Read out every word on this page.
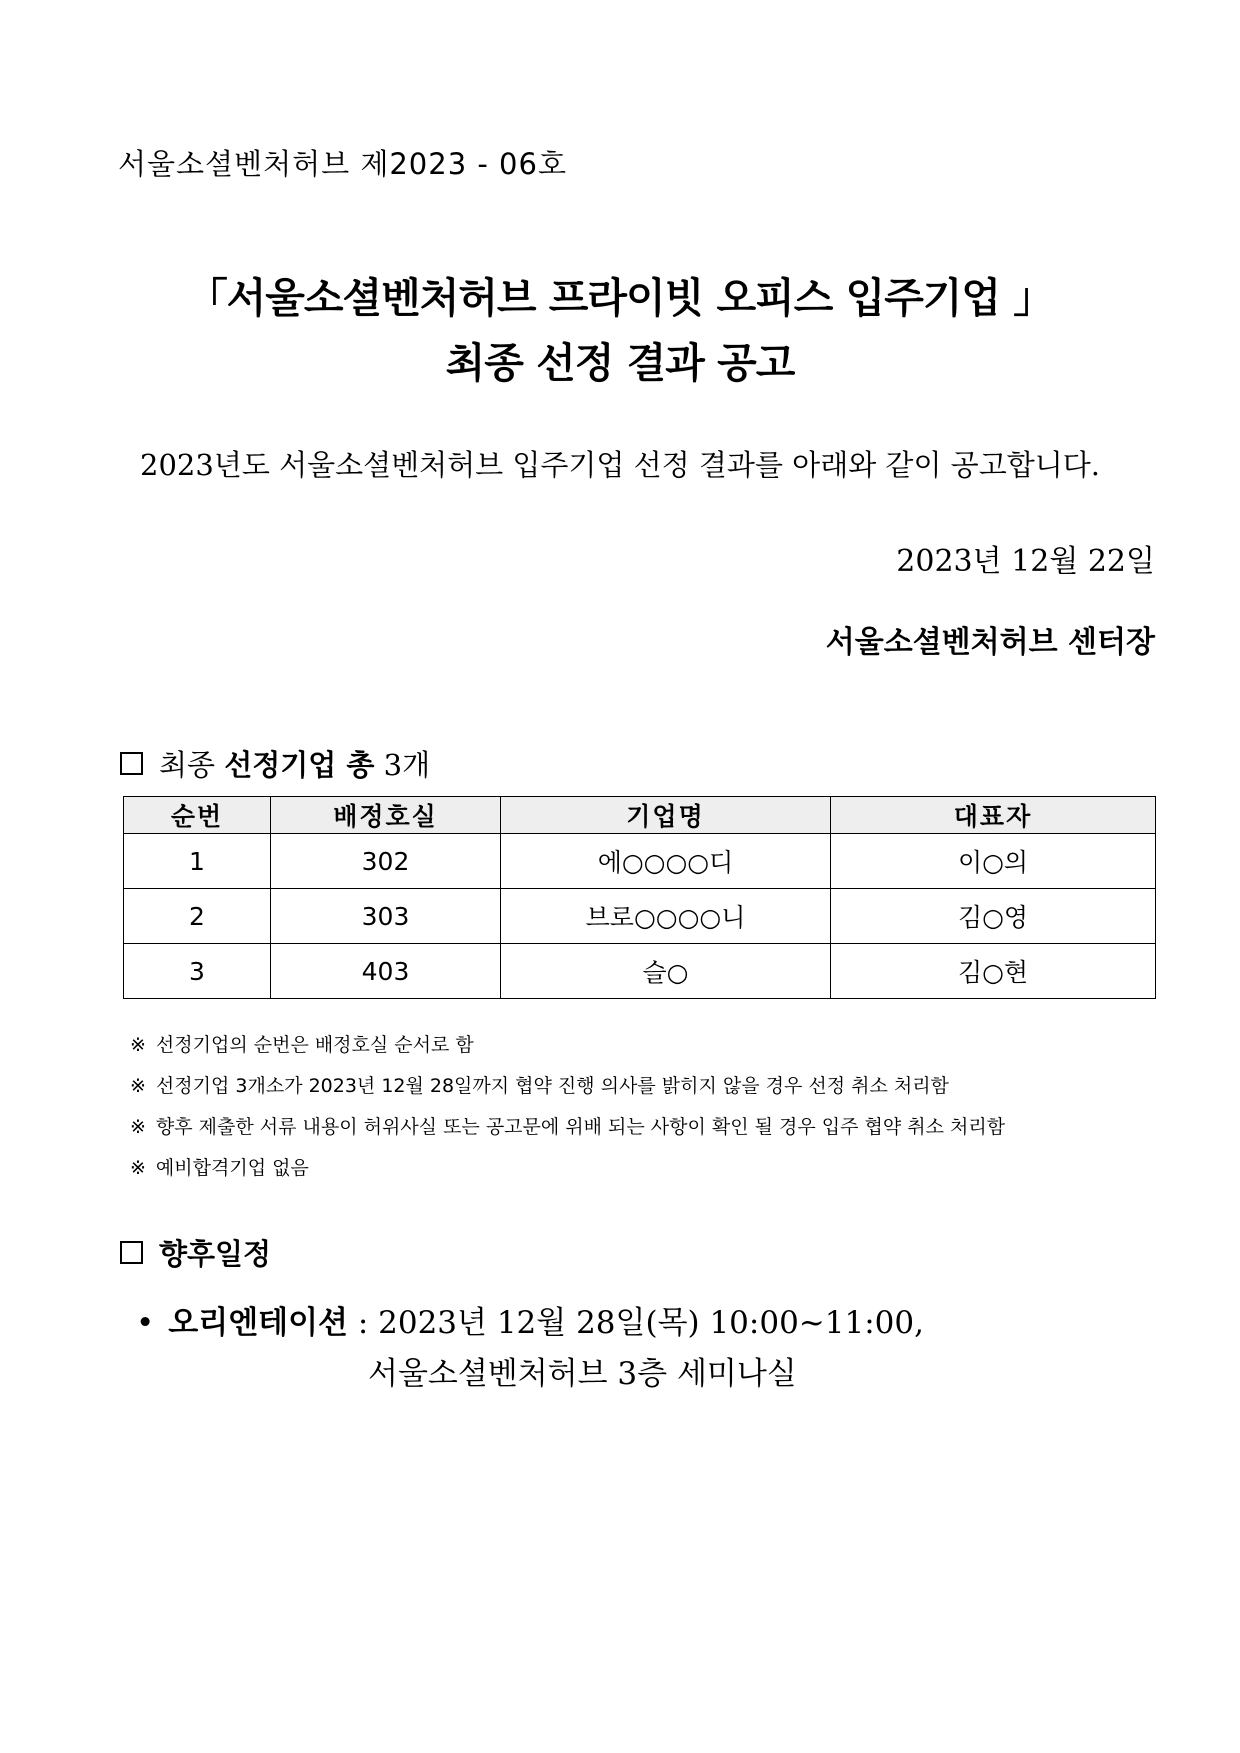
서울소셜벤처허브 제2023 - 06호
「서울소셜벤처허브 프라이빗 오피스 입주기업 」
최종 선정 결과 공고
2023년도 서울소셜벤처허브 입주기업 선정 결과를 아래와 같이 공고합니다.
2023년 12월 22일
서울소셜벤처허브 센터장
최종
선정기업 총
3개
순번	배정호실	기업명	대표자
1	302	에○○○○디	이○의
2	303	브로○○○○니	김○영
3	403	슬○	김○현
※ 선정기업의 순번은 배정호실 순서로 함
※ 선정기업 3개소가 2023년 12월 28일까지 협약 진행 의사를 밝히지 않을 경우 선정 취소 처리함
※ 향후 제출한 서류 내용이 허위사실 또는 공고문에 위배 되는 사항이 확인 될 경우 입주 협약 취소 처리함
※ 예비합격기업 없음
향후일정
• 오리엔테이션 : 2023년 12월 28일(목) 10:00~11:00,
서울소셜벤처허브 3층 세미나실
